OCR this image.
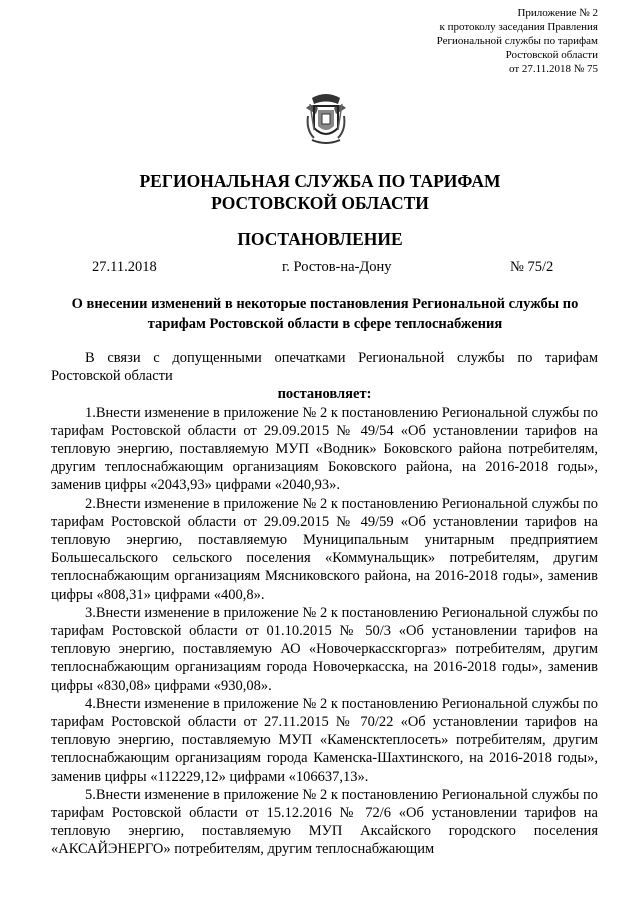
Приложение № 2
к протоколу заседания Правления
Региональной службы по тарифам
Ростовской области
от 27.11.2018 № 75
РЕГИОНАЛЬНАЯ СЛУЖБА ПО ТАРИФАМ
РОСТОВСКОЙ ОБЛАСТИ
ПОСТАНОВЛЕНИЕ
27.11.2018	г. Ростов-на-Дону	№ 75/2
О внесении изменений в некоторые постановления Региональной службы по
тарифам Ростовской области в сфере теплоснабжения

В связи с допущенными опечатками Региональной службы по тарифам Ростовской области

постановляет:

1.Внести изменение в приложение № 2 к постановлению Региональной службы по тарифам Ростовской области от 29.09.2015 № 49/54 «Об установлении тарифов на тепловую энергию, поставляемую МУП «Водник» Боковского района потребителям, другим теплоснабжающим организациям Боковского района, на 2016-2018 годы», заменив цифры «2043,93» цифрами «2040,93».

2.Внести изменение в приложение № 2 к постановлению Региональной службы по тарифам Ростовской области от 29.09.2015 № 49/59 «Об установлении тарифов на тепловую энергию, поставляемую Муниципальным унитарным предприятием Большесальского сельского поселения «Коммунальщик» потребителям, другим теплоснабжающим организациям Мясниковского района, на 2016-2018 годы», заменив цифры «808,31» цифрами «400,8».

3.Внести изменение в приложение № 2 к постановлению Региональной службы по тарифам Ростовской области от 01.10.2015 № 50/3 «Об установлении тарифов на тепловую энергию, поставляемую АО «Новочеркасскгоргаз» потребителям, другим теплоснабжающим организациям города Новочеркасска, на 2016-2018 годы», заменив цифры «830,08» цифрами «930,08».

4.Внести изменение в приложение № 2 к постановлению Региональной службы по тарифам Ростовской области от 27.11.2015 № 70/22 «Об установлении тарифов на тепловую энергию, поставляемую МУП «Каменсктеплосеть» потребителям, другим теплоснабжающим организациям города Каменска-Шахтинского, на 2016-2018 годы», заменив цифры «112229,12» цифрами «106637,13».

5.Внести изменение в приложение № 2 к постановлению Региональной службы по тарифам Ростовской области от 15.12.2016 № 72/6 «Об установлении тарифов на тепловую энергию, поставляемую МУП Аксайского городского поселения «АКСАЙЭНЕРГО» потребителям, другим теплоснабжающим
